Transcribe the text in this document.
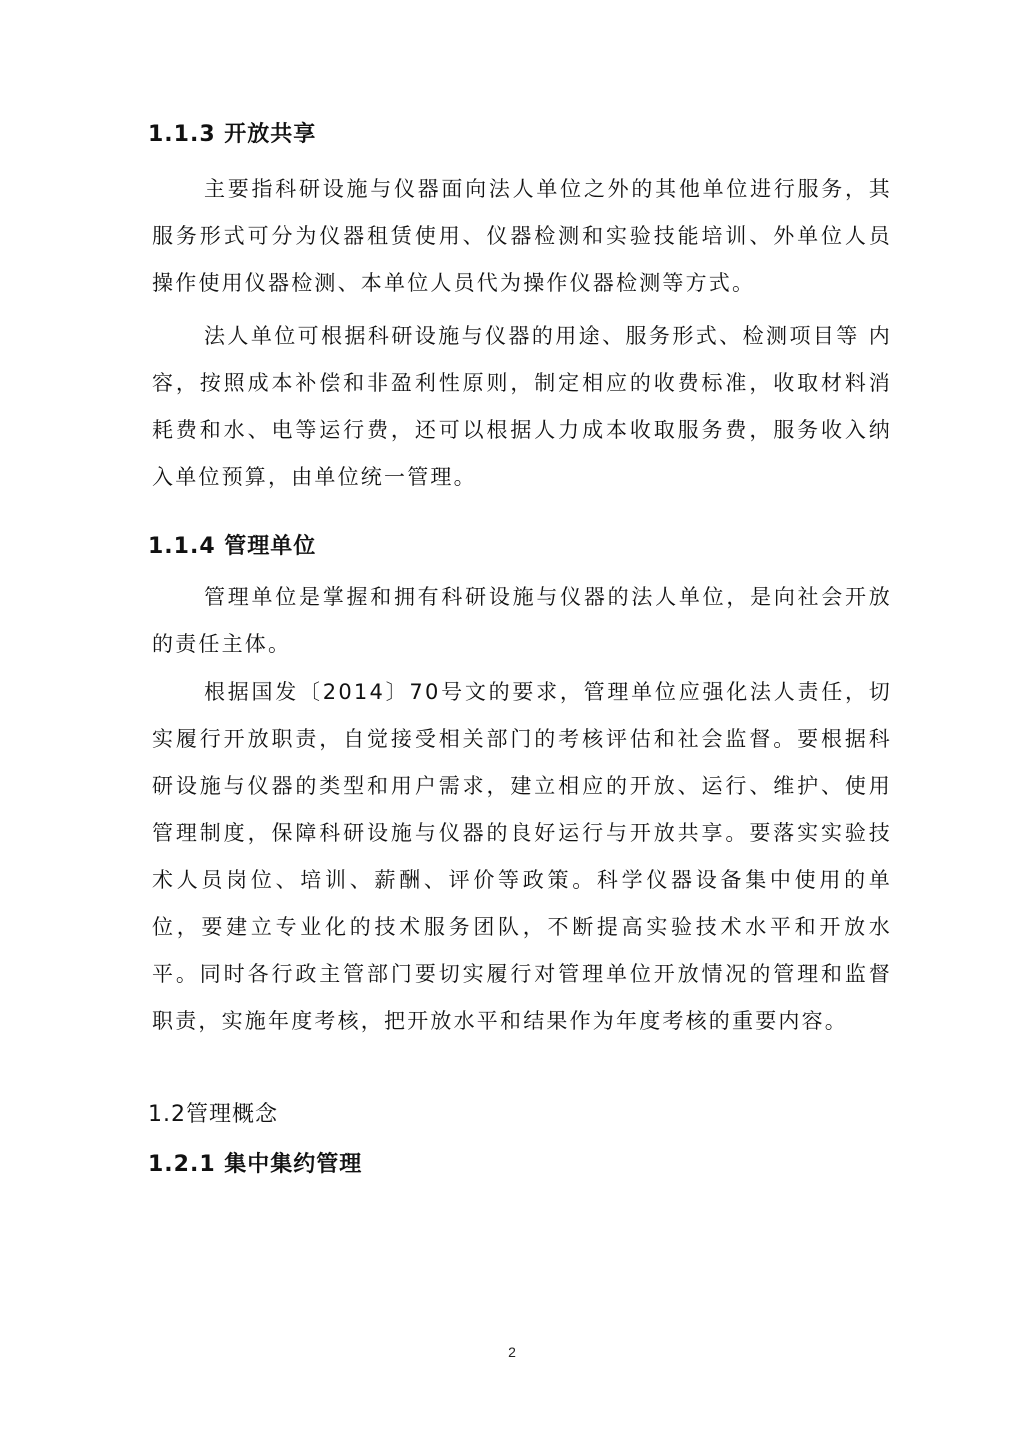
1.1.3 开放共享

主要指科研设施与仪器面向法人单位之外的其他单位进行服务，其服务形式可分为仪器租赁使用、仪器检测和实验技能培训、外单位人员操作使用仪器检测、本单位人员代为操作仪器检测等方式。

法人单位可根据科研设施与仪器的用途、服务形式、检测项目等 内容，按照成本补偿和非盈利性原则，制定相应的收费标准，收取材料消耗费和水、电等运行费，还可以根据人力成本收取服务费，服务收入纳入单位预算，由单位统一管理。

1.1.4 管理单位

管理单位是掌握和拥有科研设施与仪器的法人单位，是向社会开放的责任主体。

根据国发〔2014〕70号文的要求，管理单位应强化法人责任，切实履行开放职责，自觉接受相关部门的考核评估和社会监督。要根据科研设施与仪器的类型和用户需求，建立相应的开放、运行、维护、使用管理制度，保障科研设施与仪器的良好运行与开放共享。要落实实验技术人员岗位、培训、薪酬、评价等政策。科学仪器设备集中使用的单位，要建立专业化的技术服务团队，不断提高实验技术水平和开放水平。同时各行政主管部门要切实履行对管理单位开放情况的管理和监督职责，实施年度考核，把开放水平和结果作为年度考核的重要内容。

1.2管理概念
1.2.1 集中集约管理
2
